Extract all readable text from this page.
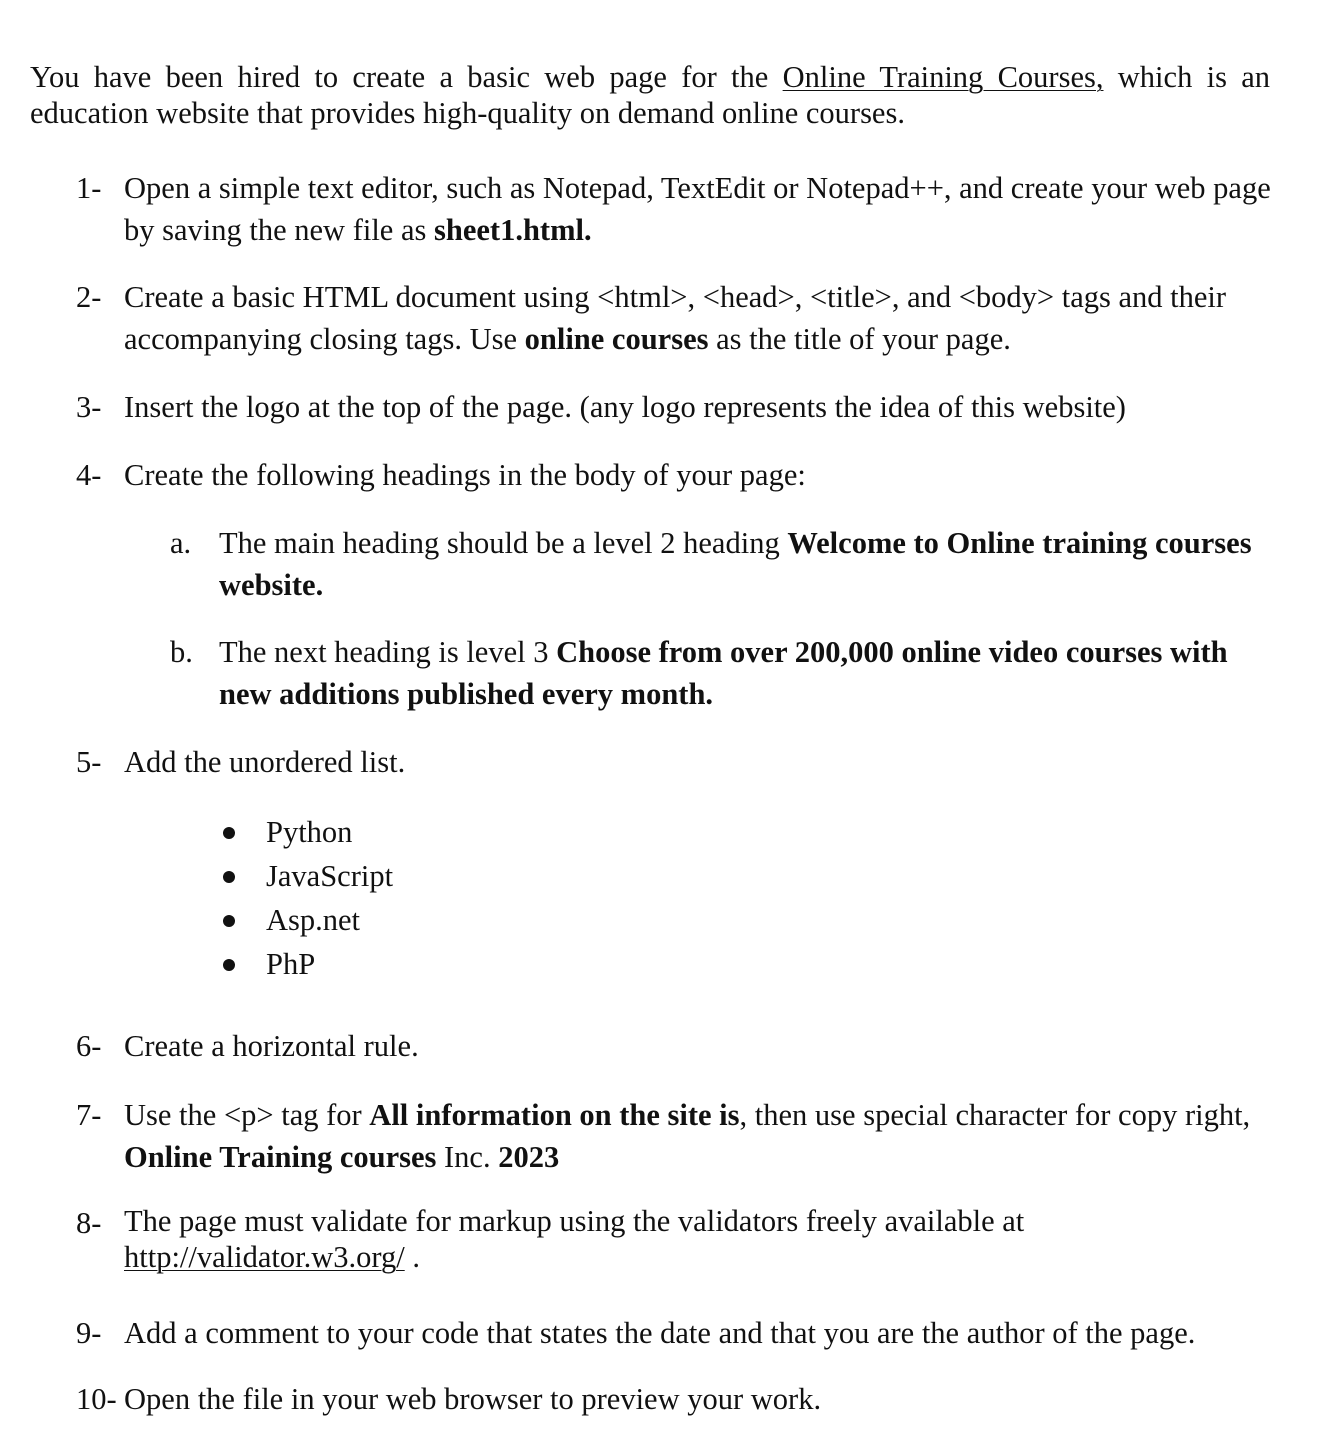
You have been hired to create a basic web page for the Online Training Courses, which is an education website that provides high-quality on demand online courses.
1- Open a simple text editor, such as Notepad, TextEdit or Notepad++, and create your web page by saving the new file as sheet1.html.
2- Create a basic HTML document using <html>, <head>, <title>, and <body> tags and their accompanying closing tags. Use online courses as the title of your page.
3- Insert the logo at the top of the page. (any logo represents the idea of this website)
4- Create the following headings in the body of your page:
a. The main heading should be a level 2 heading Welcome to Online training courses website.
b. The next heading is level 3 Choose from over 200,000 online video courses with new additions published every month.
5- Add the unordered list.
Python
JavaScript
Asp.net
PhP
6- Create a horizontal rule.
7- Use the <p> tag for All information on the site is, then use special character for copy right, Online Training courses Inc. 2023
8- The page must validate for markup using the validators freely available at
http://validator.w3.org/ .
9- Add a comment to your code that states the date and that you are the author of the page.
10- Open the file in your web browser to preview your work.
